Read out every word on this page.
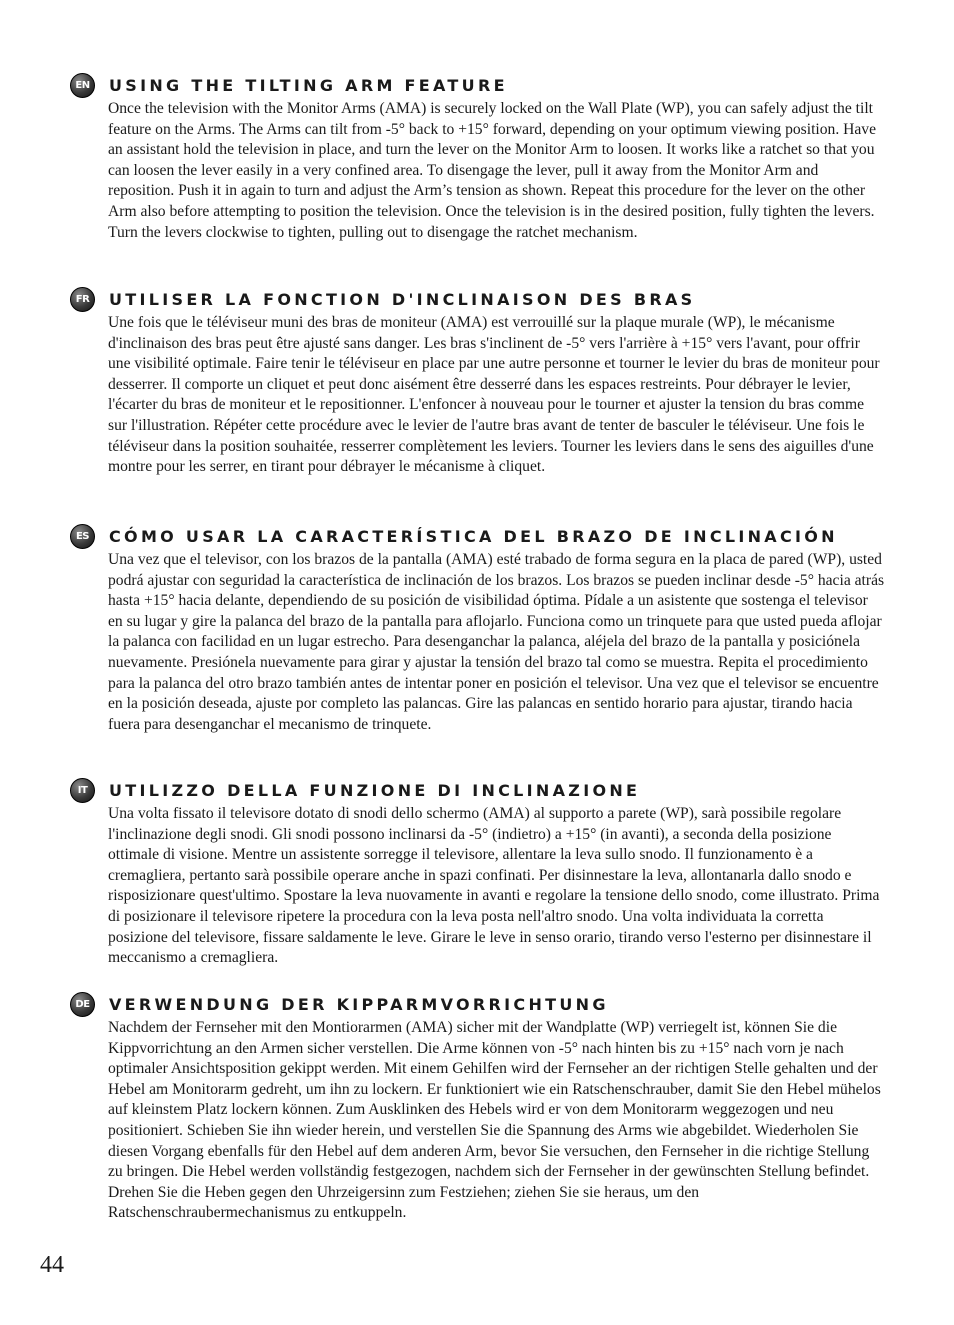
EN	USING THE TILTING ARM FEATURE

Once the television with the Monitor Arms (AMA) is securely locked on the Wall Plate (WP), you can safely adjust the tilt feature on the Arms. The Arms can tilt from -5° back to +15° forward, depending on your optimum viewing position. Have an assistant hold the television in place, and turn the lever on the Monitor Arm to loosen. It works like a ratchet so that you can loosen the lever easily in a very confined area. To disengage the lever, pull it away from the Monitor Arm and reposition. Push it in again to turn and adjust the Arm’s tension as shown. Repeat this procedure for the lever on the other Arm also before attempting to position the television. Once the television is in the desired position, fully tighten the levers. Turn the levers clockwise to tighten, pulling out to disengage the ratchet mechanism.

FR	UTILISER LA FONCTION D'INCLINAISON DES BRAS

Une fois que le téléviseur muni des bras de moniteur (AMA) est verrouillé sur la plaque murale (WP), le mécanisme d'inclinaison des bras peut être ajusté sans danger. Les bras s'inclinent de -5° vers l'arrière à +15° vers l'avant, pour offrir une visibilité optimale. Faire tenir le téléviseur en place par une autre personne et tourner le levier du bras de moniteur pour desserrer. Il comporte un cliquet et peut donc aisément être desserré dans les espaces restreints. Pour débrayer le levier, l'écarter du bras de moniteur et le repositionner. L'enfoncer à nouveau pour le tourner et ajuster la tension du bras comme sur l'illustration. Répéter cette procédure avec le levier de l'autre bras avant de tenter de basculer le téléviseur. Une fois le téléviseur dans la position souhaitée, resserrer complètement les leviers. Tourner les leviers dans le sens des aiguilles d'une montre pour les serrer, en tirant pour débrayer le mécanisme à cliquet.

ES	CÓMO USAR LA CARACTERÍSTICA DEL BRAZO DE INCLINACIÓN

Una vez que el televisor, con los brazos de la pantalla (AMA) esté trabado de forma segura en la placa de pared (WP), usted podrá ajustar con seguridad la característica de inclinación de los brazos. Los brazos se pueden inclinar desde -5° hacia atrás hasta +15° hacia delante, dependiendo de su posición de visibilidad óptima. Pídale a un asistente que sostenga el televisor en su lugar y gire la palanca del brazo de la pantalla para aflojarlo. Funciona como un trinquete para que usted pueda aflojar la palanca con facilidad en un lugar estrecho. Para desenganchar la palanca, aléjela del brazo de la pantalla y posiciónela nuevamente. Presiónela nuevamente para girar y ajustar la tensión del brazo tal como se muestra. Repita el procedimiento para la palanca del otro brazo también antes de intentar poner en posición el televisor. Una vez que el televisor se encuentre en la posición deseada, ajuste por completo las palancas. Gire las palancas en sentido horario para ajustar, tirando hacia fuera para desenganchar el mecanismo de trinquete.

IT	UTILIZZO DELLA FUNZIONE DI INCLINAZIONE

Una volta fissato il televisore dotato di snodi dello schermo (AMA) al supporto a parete (WP), sarà possibile regolare l'inclinazione degli snodi. Gli snodi possono inclinarsi da -5° (indietro) a +15° (in avanti), a seconda della posizione ottimale di visione. Mentre un assistente sorregge il televisore, allentare la leva sullo snodo. Il funzionamento è a cremagliera, pertanto sarà possibile operare anche in spazi confinati. Per disinnestare la leva, allontanarla dallo snodo e risposizionare quest'ultimo. Spostare la leva nuovamente in avanti e regolare la tensione dello snodo, come illustrato. Prima di posizionare il televisore ripetere la procedura con la leva posta nell'altro snodo. Una volta individuata la corretta posizione del televisore, fissare saldamente le leve. Girare le leve in senso orario, tirando verso l'esterno per disinnestare il meccanismo a cremagliera.

DE	VERWENDUNG DER KIPPARMVORRICHTUNG

Nachdem der Fernseher mit den Montiorarmen (AMA) sicher mit der Wandplatte (WP) verriegelt ist, können Sie die Kippvorrichtung an den Armen sicher verstellen. Die Arme können von -5° nach hinten bis zu +15° nach vorn je nach optimaler Ansichtsposition gekippt werden. Mit einem Gehilfen wird der Fernseher an der richtigen Stelle gehalten und der Hebel am Monitorarm gedreht, um ihn zu lockern. Er funktioniert wie ein Ratschenschrauber, damit Sie den Hebel mühelos auf kleinstem Platz lockern können. Zum Ausklinken des Hebels wird er von dem Monitorarm weggezogen und neu positioniert. Schieben Sie ihn wieder herein, und verstellen Sie die Spannung des Arms wie abgebildet. Wiederholen Sie diesen Vorgang ebenfalls für den Hebel auf dem anderen Arm, bevor Sie versuchen, den Fernseher in die richtige Stellung zu bringen. Die Hebel werden vollständig festgezogen, nachdem sich der Fernseher in der gewünschten Stellung befindet. Drehen Sie die Heben gegen den Uhrzeigersinn zum Festziehen; ziehen Sie sie heraus, um den Ratschenschraubermechanismus zu entkuppeln.

44
